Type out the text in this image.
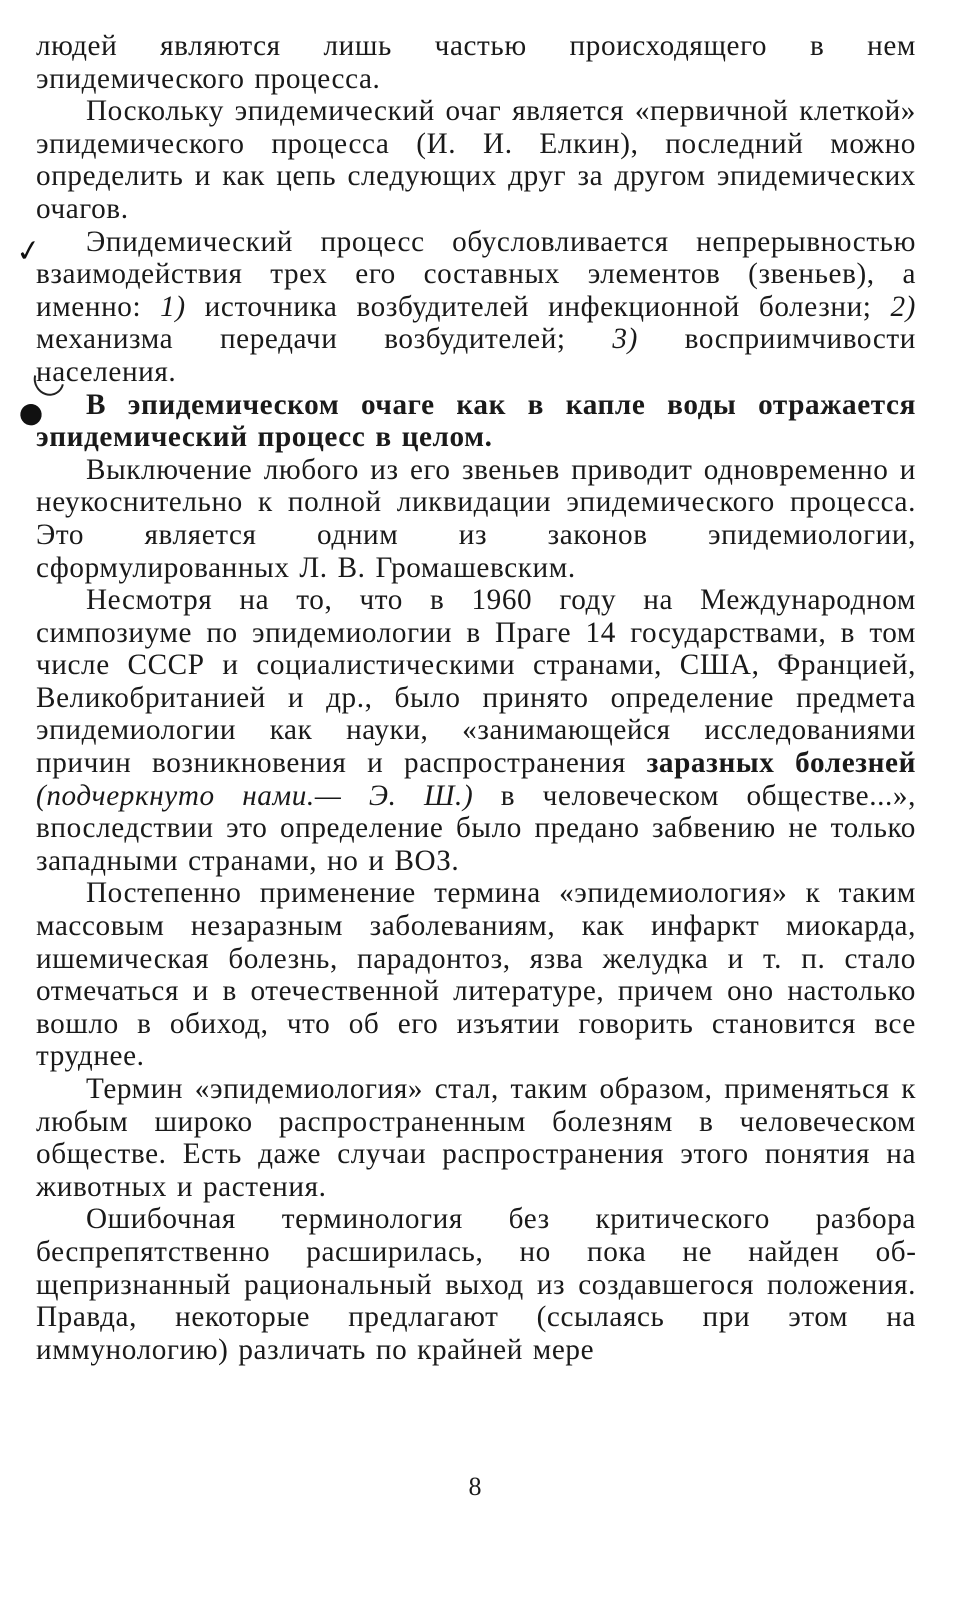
✓
●

людей являются лишь частью происходящего в нем эпидемического процесса.

Поскольку эпидемический очаг является «первичной клеткой» эпидемического процесса (И. И. Елкин), последний можно определить и как цепь следующих друг за другом эпидемических очагов.

Эпидемический процесс обусловливается непрерывностью взаимодействия трех его составных элементов (звеньев), а именно: 1) источника возбудителей инфекционной болезни; 2) механизма передачи возбудителей; 3) восприимчивости населения.

В эпидемическом очаге как в капле воды отражается эпидемический процесс в целом.

Выключение любого из его звеньев приводит одновременно и неукоснительно к полной ликвидации эпидемического процесса. Это является одним из законов эпидемиологии, сформулированных Л. В. Громашевским.

Несмотря на то, что в 1960 году на Международном симпозиуме по эпидемиологии в Праге 14 государствами, в том числе СССР и социалистическими странами, США, Францией, Великобританией и др., было принято определение предмета эпидемиологии как науки, «занимающейся исследованиями причин возникновения и распространения заразных болезней (подчеркнуто нами.— Э. Ш.) в человеческом обществе...», впоследствии это определение было предано забвению не только западными странами, но и ВОЗ.

Постепенно применение термина «эпидемиология» к таким массовым незаразным заболеваниям, как инфаркт миокарда, ишемическая болезнь, парадонтоз, язва желудка и т. п. стало отмечаться и в отечественной литературе, причем оно настолько вошло в обиход, что об его изъятии говорить становится все труднее.

Термин «эпидемиология» стал, таким образом, применяться к любым широко распространенным болезням в человеческом обществе. Есть даже случаи распространения этого понятия на животных и растения.

Ошибочная терминология без критического разбора беспрепятственно расширилась, но пока не найден общепризнанный рациональный выход из создавшегося положения. Правда, некоторые предлагают (ссылаясь при этом на иммунологию) различать по крайней мере

8
